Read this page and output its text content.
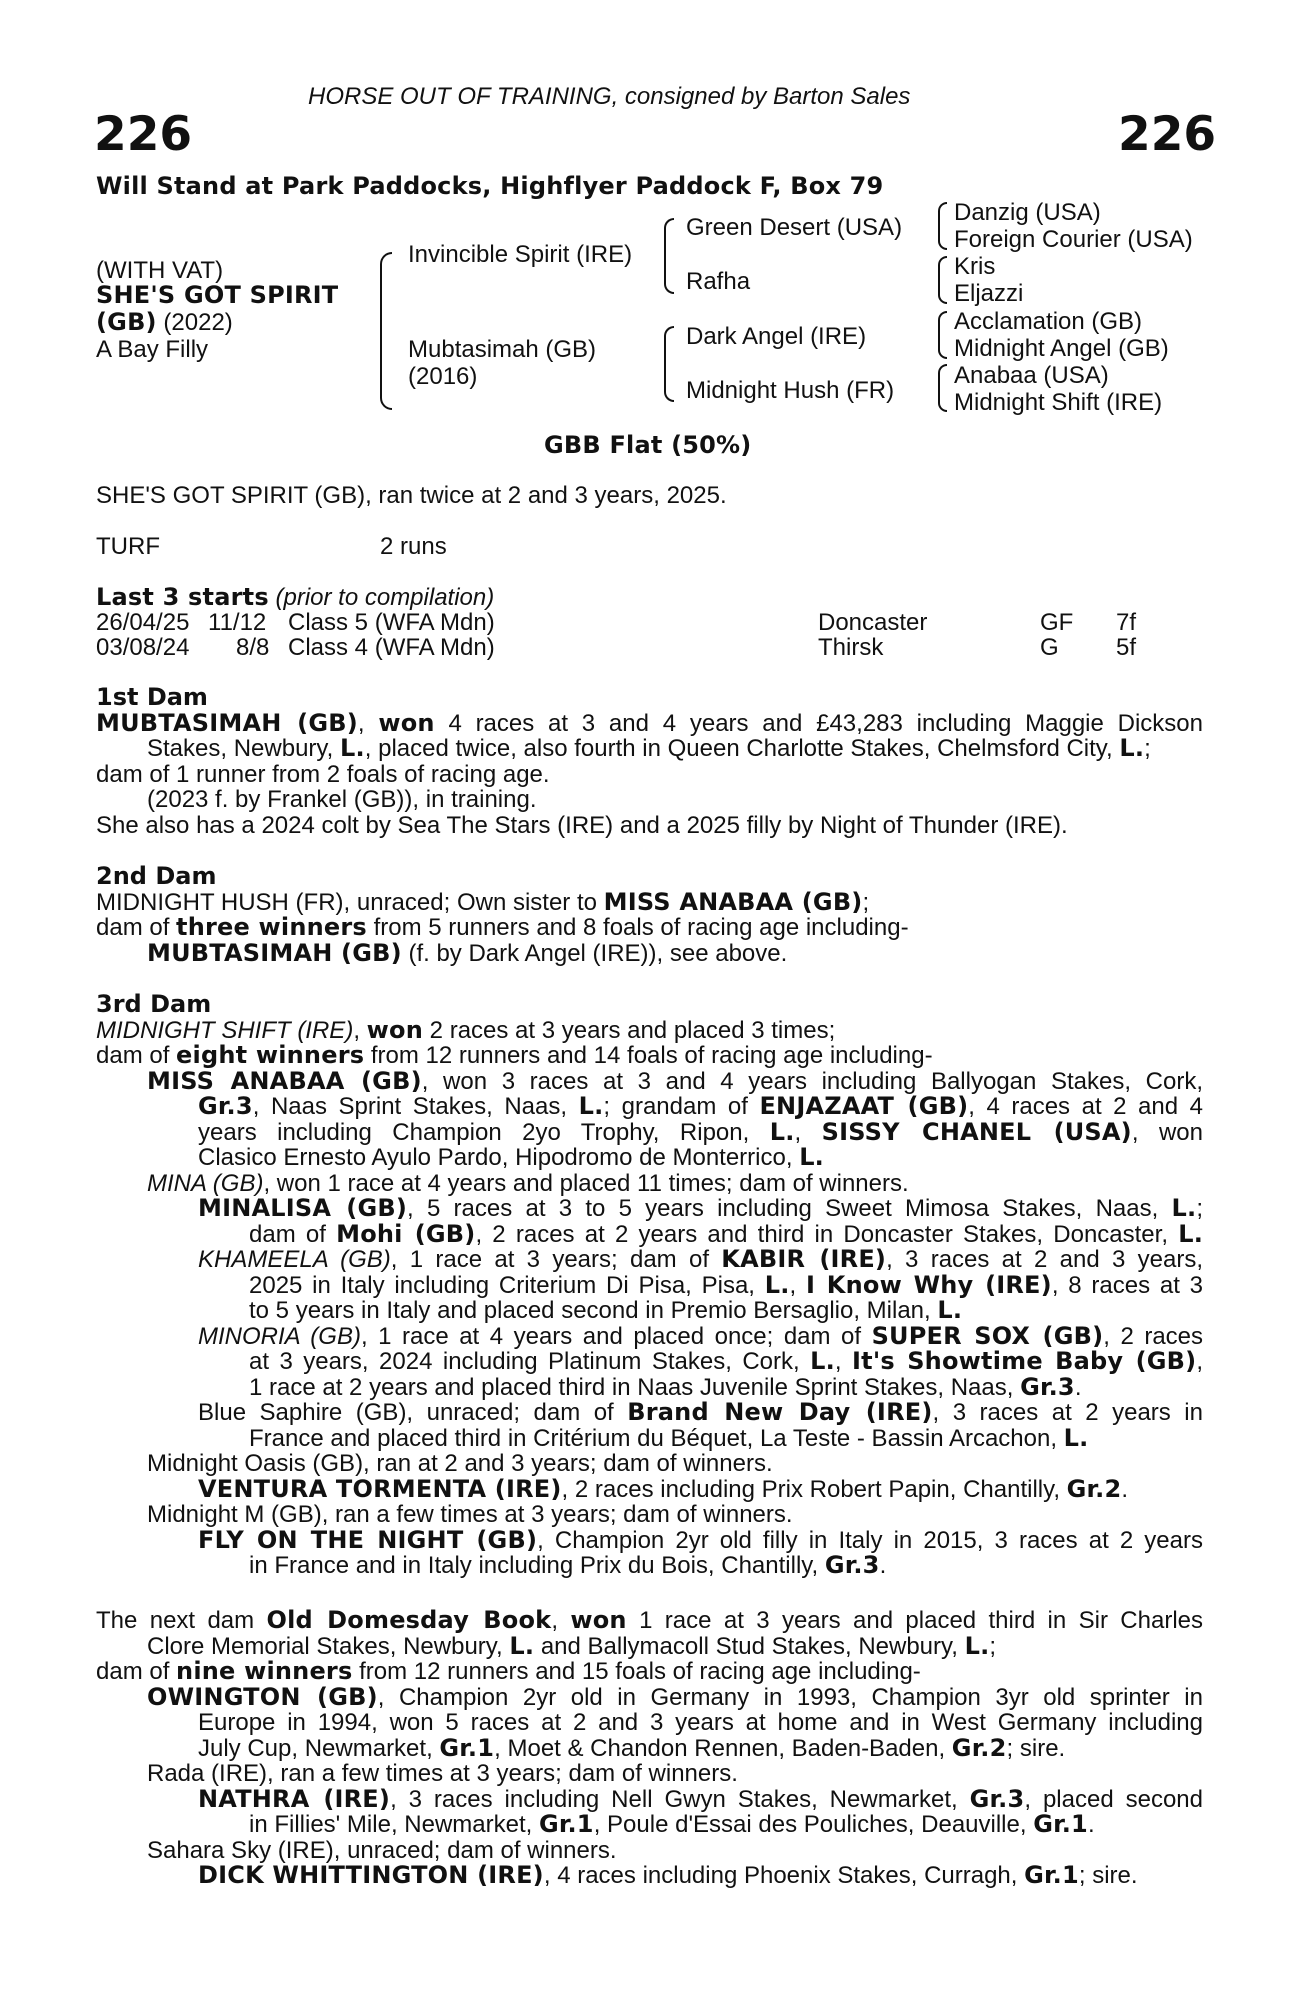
HORSE OUT OF TRAINING, consigned by Barton Sales
226	226
Will Stand at Park Paddocks, Highflyer Paddock F, Box 79
(WITH VAT)
SHE'S GOT SPIRIT
(GB) (2022)
A Bay Filly
Invincible Spirit (IRE)
Mubtasimah (GB)
(2016)
Green Desert (USA)
Rafha
Dark Angel (IRE)
Midnight Hush (FR)
Danzig (USA)
Foreign Courier (USA)
Kris
Eljazzi
Acclamation (GB)
Midnight Angel (GB)
Anabaa (USA)
Midnight Shift (IRE)
GBB Flat (50%)
SHE'S GOT SPIRIT (GB), ran twice at 2 and 3 years, 2025.
TURF	2 runs
Last 3 starts (prior to compilation)
26/04/25 11/12 Class 5 (WFA Mdn)	Doncaster	GF 7f
03/08/24 8/8 Class 4 (WFA Mdn)	Thirsk	G 5f
1st Dam
MUBTASIMAH (GB), won 4 races at 3 and 4 years and £43,283 including Maggie Dickson
Stakes, Newbury, L., placed twice, also fourth in Queen Charlotte Stakes, Chelmsford City, L.;
dam of 1 runner from 2 foals of racing age.
(2023 f. by Frankel (GB)), in training.
She also has a 2024 colt by Sea The Stars (IRE) and a 2025 filly by Night of Thunder (IRE).
2nd Dam
MIDNIGHT HUSH (FR), unraced; Own sister to MISS ANABAA (GB);
dam of three winners from 5 runners and 8 foals of racing age including-
MUBTASIMAH (GB) (f. by Dark Angel (IRE)), see above.
3rd Dam
MIDNIGHT SHIFT (IRE), won 2 races at 3 years and placed 3 times;
dam of eight winners from 12 runners and 14 foals of racing age including-
MISS ANABAA (GB), won 3 races at 3 and 4 years including Ballyogan Stakes, Cork,
Gr.3, Naas Sprint Stakes, Naas, L.; grandam of ENJAZAAT (GB), 4 races at 2 and 4
years including Champion 2yo Trophy, Ripon, L., SISSY CHANEL (USA), won
Clasico Ernesto Ayulo Pardo, Hipodromo de Monterrico, L.
MINA (GB), won 1 race at 4 years and placed 11 times; dam of winners.
MINALISA (GB), 5 races at 3 to 5 years including Sweet Mimosa Stakes, Naas, L.;
dam of Mohi (GB), 2 races at 2 years and third in Doncaster Stakes, Doncaster, L.
KHAMEELA (GB), 1 race at 3 years; dam of KABIR (IRE), 3 races at 2 and 3 years,
2025 in Italy including Criterium Di Pisa, Pisa, L., I Know Why (IRE), 8 races at 3
to 5 years in Italy and placed second in Premio Bersaglio, Milan, L.
MINORIA (GB), 1 race at 4 years and placed once; dam of SUPER SOX (GB), 2 races
at 3 years, 2024 including Platinum Stakes, Cork, L., It's Showtime Baby (GB),
1 race at 2 years and placed third in Naas Juvenile Sprint Stakes, Naas, Gr.3.
Blue Saphire (GB), unraced; dam of Brand New Day (IRE), 3 races at 2 years in
France and placed third in Critérium du Béquet, La Teste - Bassin Arcachon, L.
Midnight Oasis (GB), ran at 2 and 3 years; dam of winners.
VENTURA TORMENTA (IRE), 2 races including Prix Robert Papin, Chantilly, Gr.2.
Midnight M (GB), ran a few times at 3 years; dam of winners.
FLY ON THE NIGHT (GB), Champion 2yr old filly in Italy in 2015, 3 races at 2 years
in France and in Italy including Prix du Bois, Chantilly, Gr.3.
The next dam Old Domesday Book, won 1 race at 3 years and placed third in Sir Charles
Clore Memorial Stakes, Newbury, L. and Ballymacoll Stud Stakes, Newbury, L.;
dam of nine winners from 12 runners and 15 foals of racing age including-
OWINGTON (GB), Champion 2yr old in Germany in 1993, Champion 3yr old sprinter in
Europe in 1994, won 5 races at 2 and 3 years at home and in West Germany including
July Cup, Newmarket, Gr.1, Moet & Chandon Rennen, Baden-Baden, Gr.2; sire.
Rada (IRE), ran a few times at 3 years; dam of winners.
NATHRA (IRE), 3 races including Nell Gwyn Stakes, Newmarket, Gr.3, placed second
in Fillies' Mile, Newmarket, Gr.1, Poule d'Essai des Pouliches, Deauville, Gr.1.
Sahara Sky (IRE), unraced; dam of winners.
DICK WHITTINGTON (IRE), 4 races including Phoenix Stakes, Curragh, Gr.1; sire.
